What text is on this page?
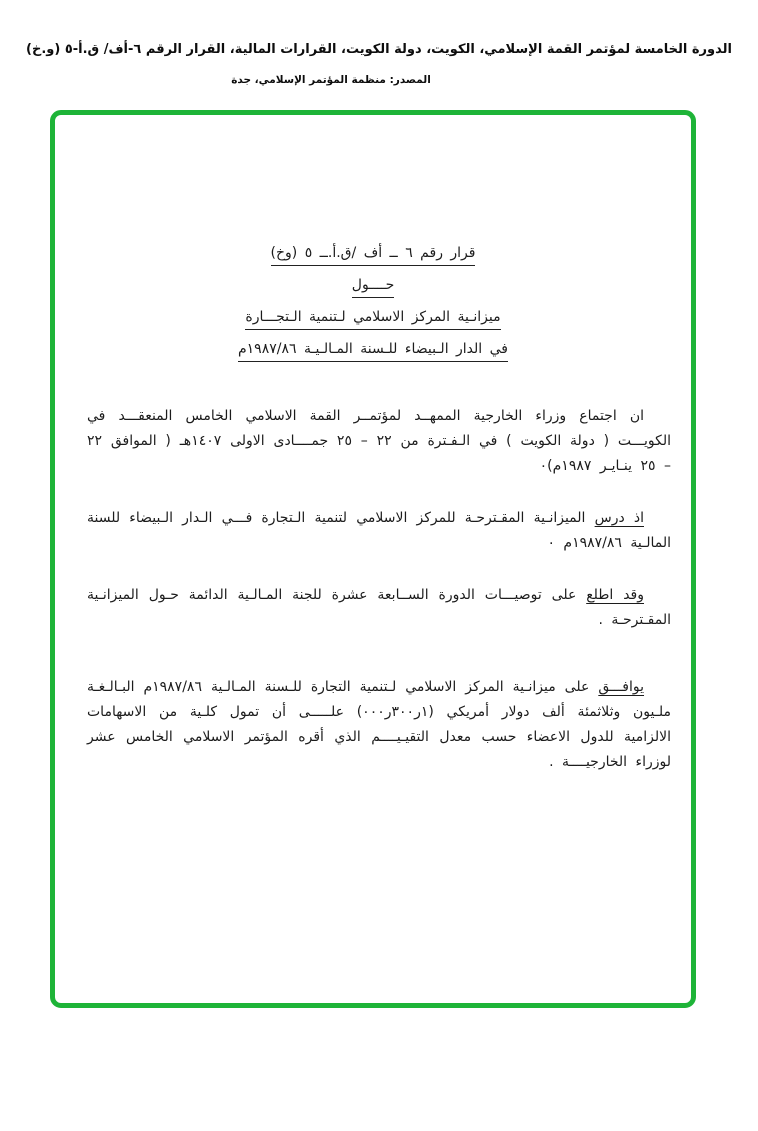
الدورة الخامسة لمؤتمر القمة الإسلامي، الكويت، دولة الكويت، القرارات المالية، القرار الرقم ٦-أف/ ق.أ-٥ (و.خ)
المصدر: منظمة المؤتمر الإسلامي، جدة
قرار رقم ٦ ــ أف /ق.أ.ــ ٥ (وخ)
حــــول
ميزانـية المركز الاسلامي لـتنمية الـتجـــارة
في الدار الـبيضاء للـسنة المـالـيـة ١٩٨٧/٨٦م

ان اجتماع وزراء الخارجية الممهــد لمؤتمــر القمة الاسلامي الخامس المنعقـــد في الكويـــت ( دولة الكويت ) في الـفـترة من ٢٢ – ٢٥ جمــــادى الاولى ١٤٠٧هـ ( الموافق ٢٢ – ٢٥ ينـايـر ١٩٨٧م)٠

اذ درس الميزانـية المقـترحـة للمركز الاسلامي لتنمية الـتجارة فـــي الـدار الـبيضاء للسنة المالـية ١٩٨٧/٨٦م ٠

وقد اطلع على توصيـــات الدورة الســابعة عشرة للجنة المـالـية الدائمة حـول الميزانـية المقـترحـة .

يوافـــق على ميزانـية المركز الاسلامي لـتنمية التجارة للـسنة المـالـية ١٩٨٧/٨٦م البـالـغـة ملـيون وثلاثمئة ألف دولار أمريكي (١ر٣٠٠ر٠٠٠) علـــــى أن تمول كلـية من الاسهامات الالزامية للدول الاعضاء حسب معدل التقيـيــــم الذي أقره المؤتمر الاسلامي الخامس عشر لوزراء الخارجيــــة .
